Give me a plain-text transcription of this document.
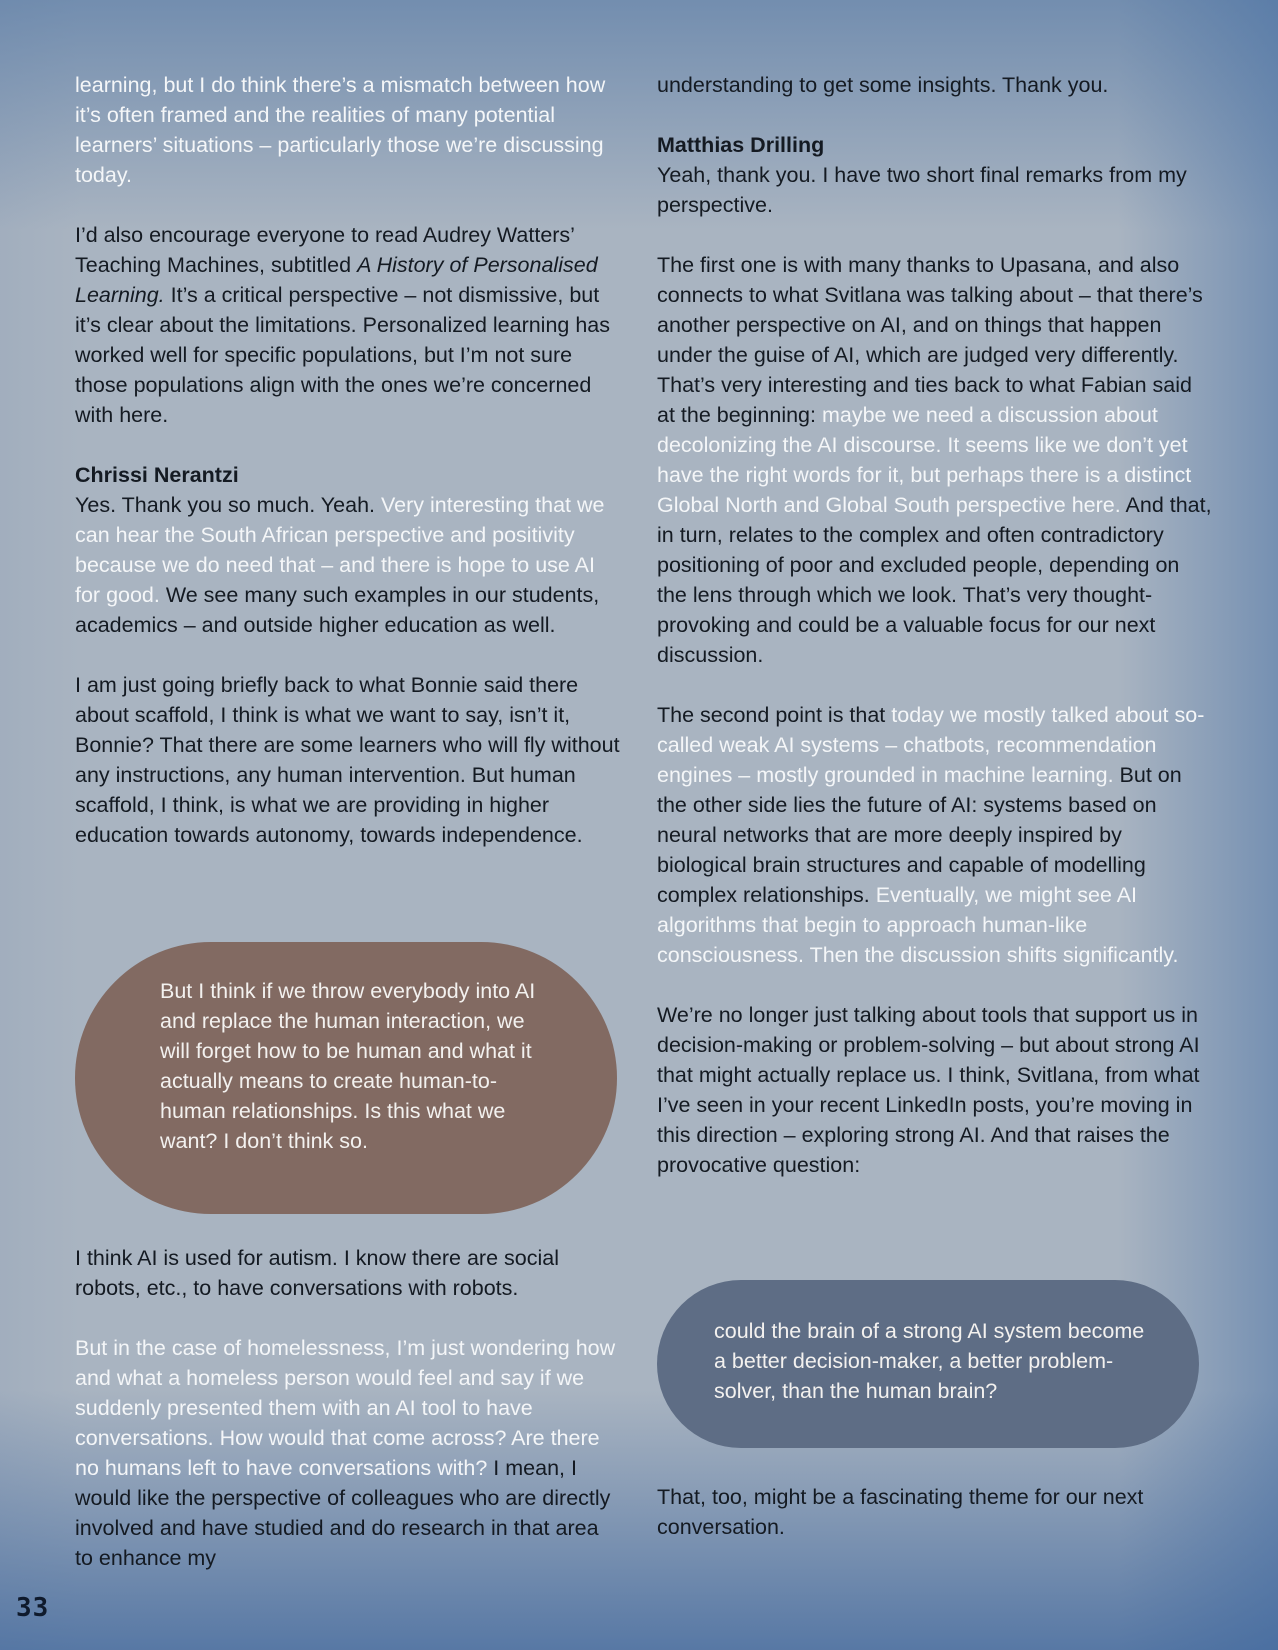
learning, but I do think there’s a mismatch between how it’s often framed and the realities of many potential learners’ situations – particularly those we’re discussing today.

I’d also encourage everyone to read Audrey Watters’ Teaching Machines, subtitled A History of Personalised Learning. It’s a critical perspective – not dismissive, but it’s clear about the limitations. Personalized learning has worked well for specific populations, but I’m not sure those populations align with the ones we’re concerned with here.

Chrissi Nerantzi
Yes. Thank you so much. Yeah. Very interesting that we can hear the South African perspective and positivity because we do need that – and there is hope to use AI for good. We see many such examples in our students, academics – and outside higher education as well.

I am just going briefly back to what Bonnie said there about scaffold, I think is what we want to say, isn’t it, Bonnie? That there are some learners who will fly without any instructions, any human intervention. But human scaffold, I think, is what we are providing in higher education towards autonomy, towards independence.

But I think if we throw everybody into AI and replace the human interaction, we will forget how to be human and what it actually means to create human-to-human relationships. Is this what we want? I don’t think so.

I think AI is used for autism. I know there are social robots, etc., to have conversations with robots.

But in the case of homelessness, I’m just wondering how and what a homeless person would feel and say if we suddenly presented them with an AI tool to have conversations. How would that come across? Are there no humans left to have conversations with? I mean, I would like the perspective of colleagues who are directly involved and have studied and do research in that area to enhance my

understanding to get some insights. Thank you.

Matthias Drilling
Yeah, thank you. I have two short final remarks from my perspective.

The first one is with many thanks to Upasana, and also connects to what Svitlana was talking about – that there’s another perspective on AI, and on things that happen under the guise of AI, which are judged very differently. That’s very interesting and ties back to what Fabian said at the beginning: maybe we need a discussion about decolonizing the AI discourse. It seems like we don’t yet have the right words for it, but perhaps there is a distinct Global North and Global South perspective here. And that, in turn, relates to the complex and often contradictory positioning of poor and excluded people, depending on the lens through which we look. That’s very thought-provoking and could be a valuable focus for our next discussion.

The second point is that today we mostly talked about so-called weak AI systems – chatbots, recommendation engines – mostly grounded in machine learning. But on the other side lies the future of AI: systems based on neural networks that are more deeply inspired by biological brain structures and capable of modelling complex relationships. Eventually, we might see AI algorithms that begin to approach human-like consciousness. Then the discussion shifts significantly.

We’re no longer just talking about tools that support us in decision-making or problem-solving – but about strong AI that might actually replace us. I think, Svitlana, from what I’ve seen in your recent LinkedIn posts, you’re moving in this direction – exploring strong AI. And that raises the provocative question:

could the brain of a strong AI system become a better decision-maker, a better problem-solver, than the human brain?

That, too, might be a fascinating theme for our next conversation.

33
